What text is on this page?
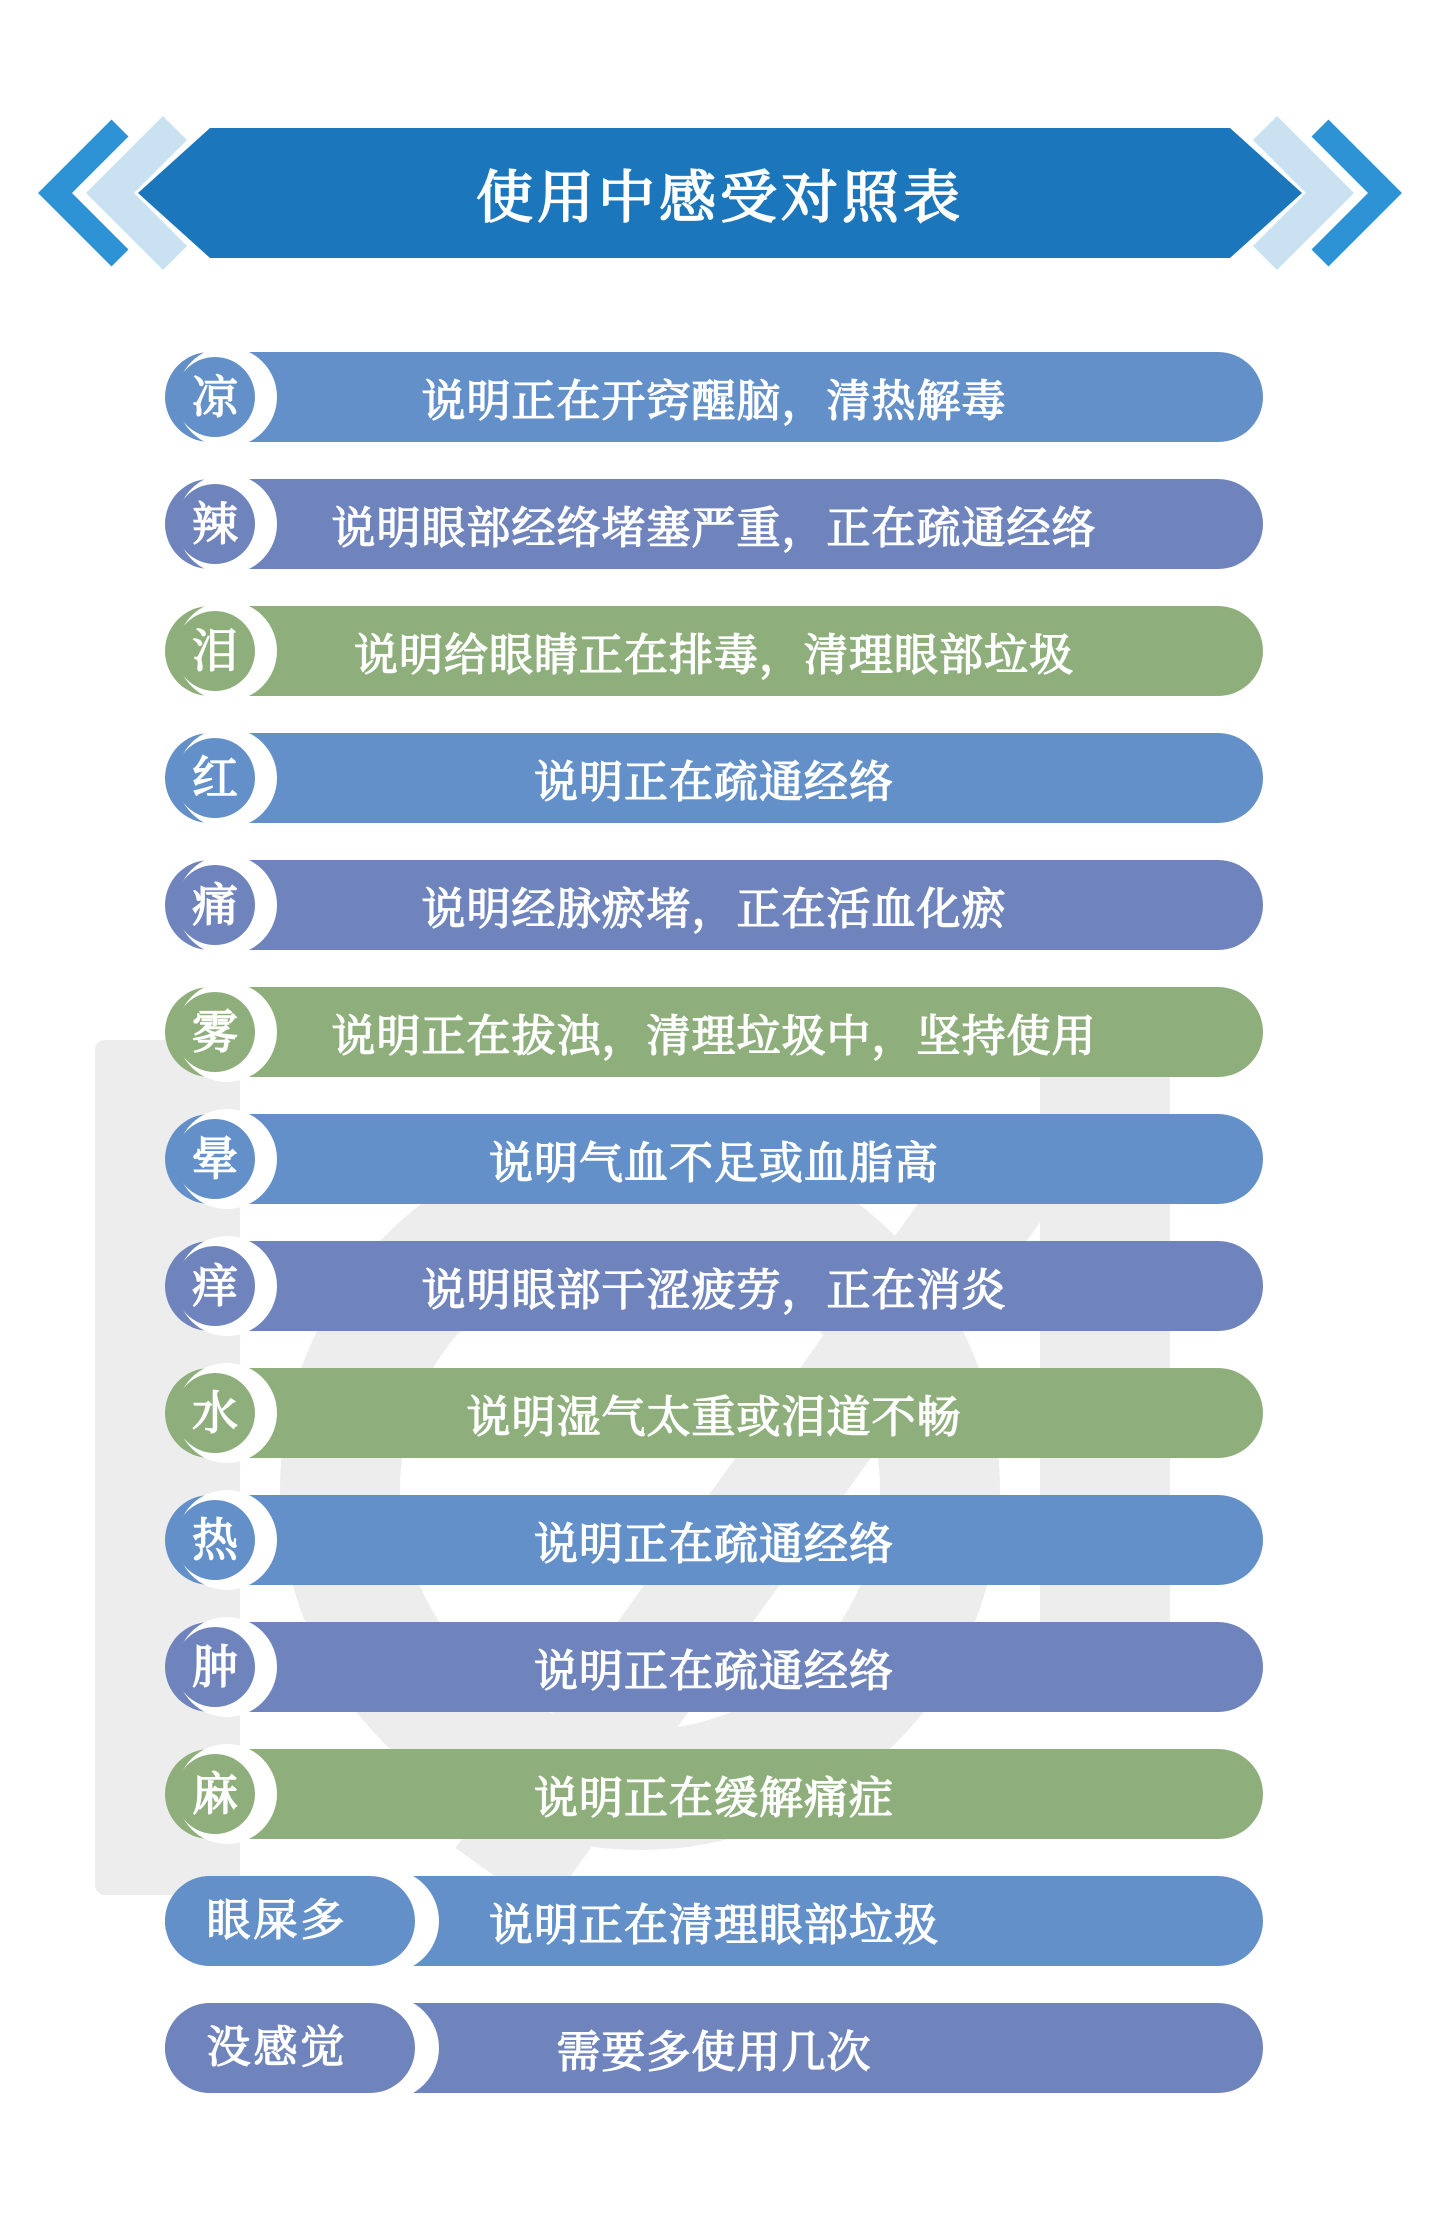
使用中感受对照表
凉	说明正在开窍醒脑，清热解毒
辣	说明眼部经络堵塞严重，正在疏通经络
泪	说明给眼睛正在排毒，清理眼部垃圾
红	说明正在疏通经络
痛	说明经脉瘀堵，正在活血化瘀
雾	说明正在拔浊，清理垃圾中，坚持使用
晕	说明气血不足或血脂高
痒	说明眼部干涩疲劳，正在消炎
水	说明湿气太重或泪道不畅
热	说明正在疏通经络
肿	说明正在疏通经络
麻	说明正在缓解痛症
眼屎多	说明正在清理眼部垃圾
没感觉	需要多使用几次
